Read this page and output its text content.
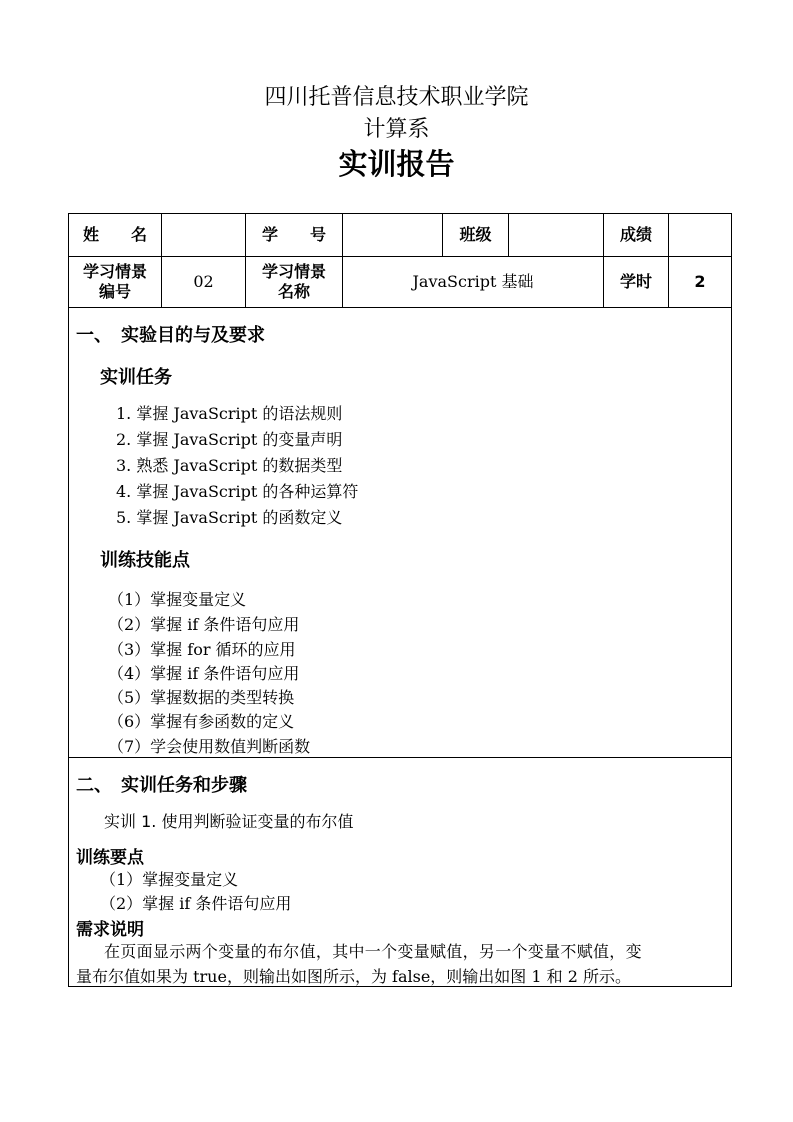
四川托普信息技术职业学院
计算系
实训报告
姓　　名		学　　号		班级		成绩	
学习情景编号	02	学习情景名称	JavaScript 基础			学时	2
一、　实验目的与及要求
实训任务
1. 掌握 JavaScript 的语法规则
2. 掌握 JavaScript 的变量声明
3. 熟悉 JavaScript 的数据类型
4. 掌握 JavaScript 的各种运算符
5. 掌握 JavaScript 的函数定义
训练技能点
（1）掌握变量定义
（2）掌握 if 条件语句应用
（3）掌握 for 循环的应用
（4）掌握 if 条件语句应用
（5）掌握数据的类型转换
（6）掌握有参函数的定义
（7）学会使用数值判断函数
二、　实训任务和步骤
实训 1. 使用判断验证变量的布尔值
训练要点
（1）掌握变量定义
（2）掌握 if 条件语句应用
需求说明
在页面显示两个变量的布尔值，其中一个变量赋值，另一个变量不赋值，变
量布尔值如果为 true，则输出如图所示，为 false，则输出如图 1 和 2 所示。
